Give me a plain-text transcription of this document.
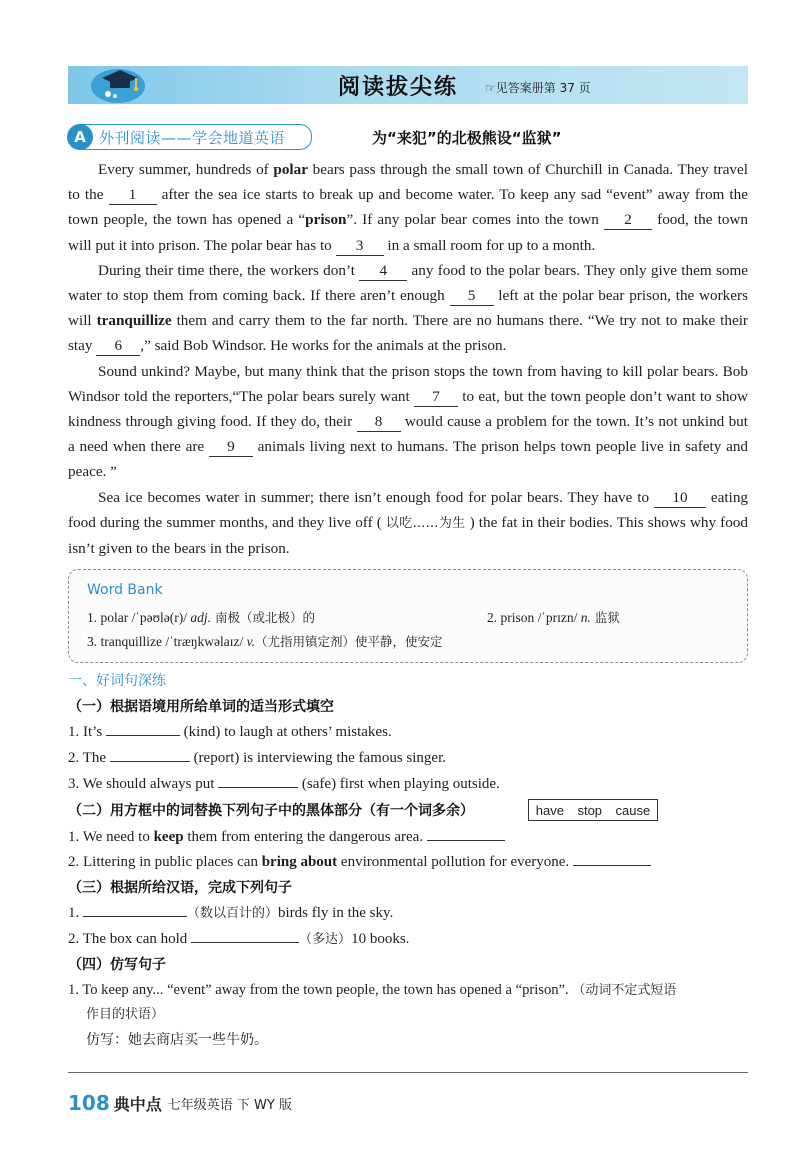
阅读拔尖练 ☞见答案册第 37 页
A 外刊阅读——学会地道英语	为“来犯”的北极熊设“监狱”

Every summer, hundreds of polar bears pass through the small town of Churchill in Canada. They travel to the 1 after the sea ice starts to break up and become water. To keep any sad “event” away from the town people, the town has opened a “prison”. If any polar bear comes into the town 2 food, the town will put it into prison. The polar bear has to 3 in a small room for up to a month.

During their time there, the workers don’t 4 any food to the polar bears. They only give them some water to stop them from coming back. If there aren’t enough 5 left at the polar bear prison, the workers will tranquillize them and carry them to the far north. There are no humans there. “We try not to make their stay 6 ,” said Bob Windsor. He works for the animals at the prison.

Sound unkind? Maybe, but many think that the prison stops the town from having to kill polar bears. Bob Windsor told the reporters,“The polar bears surely want 7 to eat, but the town people don’t want to show kindness through giving food. If they do, their 8 would cause a problem for the town. It’s not unkind but a need when there are 9 animals living next to humans. The prison helps town people live in safety and peace. ”

Sea ice becomes water in summer; there isn’t enough food for polar bears. They have to 10 eating food during the summer months, and they live off ( 以吃……为生 ) the fat in their bodies. This shows why food isn’t given to the bears in the prison.

Word Bank
1. polar /ˈpəʊlə(r)/ adj. 南极（或北极）的	2. prison /ˈprɪzn/ n. 监狱
3. tranquillize /ˈtræŋkwəlaɪz/ v.（尤指用镇定剂）使平静，使安定
一、好词句深练
（一）根据语境用所给单词的适当形式填空
1. It’s	(kind) to laugh at others’ mistakes.
2. The	(report) is interviewing the famous singer.
3. We should always put	(safe) first when playing outside.
（二）用方框中的词替换下列句子中的黑体部分（有一个词多余）	have stop cause
1. We need to keep them from entering the dangerous area.
2. Littering in public places can bring about environmental pollution for everyone.
（三）根据所给汉语，完成下列句子
1.	（数以百计的）birds fly in the sky.
2. The box can hold	（多达）10 books.
（四）仿写句子
1. To keep any... “event” away from the town people, the town has opened a “prison”. （动词不定式短语
作目的状语）
仿写：她去商店买一些牛奶。
108 典中点 七年级英语 下 WY 版
